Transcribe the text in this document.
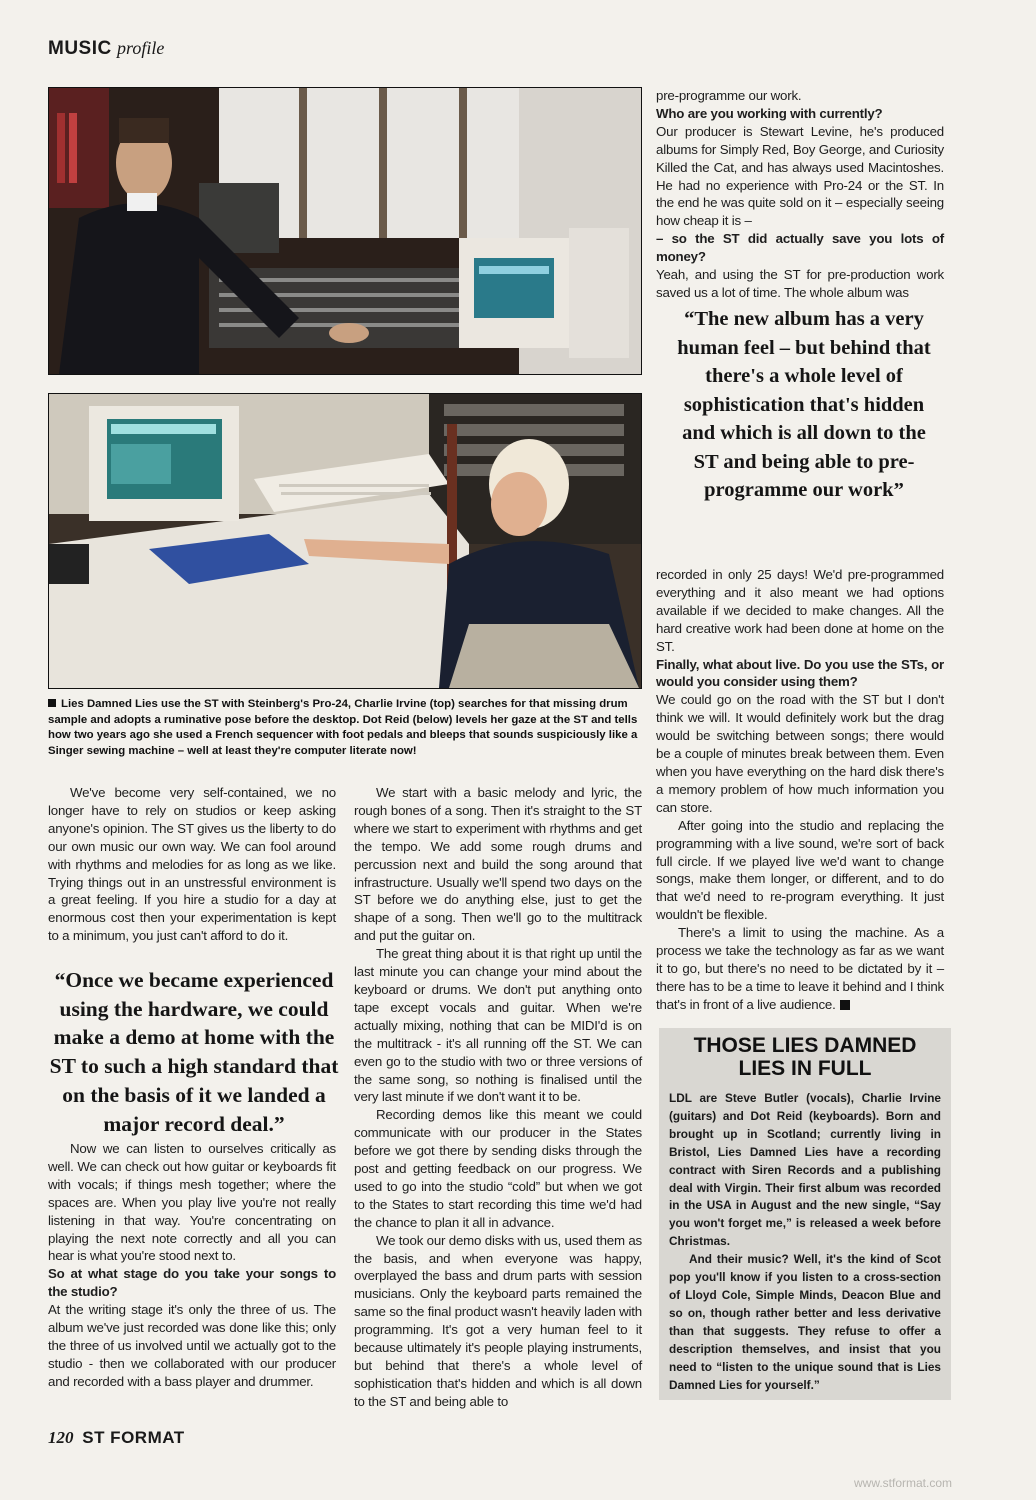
MUSIC profile
Lies Damned Lies use the ST with Steinberg's Pro-24, Charlie Irvine (top) searches for that missing drum sample and adopts a ruminative pose before the desktop. Dot Reid (below) levels her gaze at the ST and tells how two years ago she used a French sequencer with foot pedals and bleeps that sounds suspiciously like a Singer sewing machine – well at least they're computer literate now!

We've become very self-contained, we no longer have to rely on studios or keep asking anyone's opinion. The ST gives us the liberty to do our own music our own way. We can fool around with rhythms and melodies for as long as we like. Trying things out in an unstressful environment is a great feeling. If you hire a studio for a day at enormous cost then your experimentation is kept to a minimum, you just can't afford to do it.

“Once we became experienced using the hardware, we could make a demo at home with the ST to such a high standard that on the basis of it we landed a major record deal.”

Now we can listen to ourselves critically as well. We can check out how guitar or keyboards fit with vocals; if things mesh together; where the spaces are. When you play live you're not really listening in that way. You're concentrating on playing the next note correctly and all you can hear is what you're stood next to.

So at what stage do you take your songs to the studio?

At the writing stage it's only the three of us. The album we've just recorded was done like this; only the three of us involved until we actually got to the studio - then we collaborated with our producer and recorded with a bass player and drummer.

We start with a basic melody and lyric, the rough bones of a song. Then it's straight to the ST where we start to experiment with rhythms and get the tempo. We add some rough drums and percussion next and build the song around that infrastructure. Usually we'll spend two days on the ST before we do anything else, just to get the shape of a song. Then we'll go to the multitrack and put the guitar on.

The great thing about it is that right up until the last minute you can change your mind about the keyboard or drums. We don't put anything onto tape except vocals and guitar. When we're actually mixing, nothing that can be MIDI'd is on the multitrack - it's all running off the ST. We can even go to the studio with two or three versions of the same song, so nothing is finalised until the very last minute if we don't want it to be.

Recording demos like this meant we could communicate with our producer in the States before we got there by sending disks through the post and getting feedback on our progress. We used to go into the studio “cold” but when we got to the States to start recording this time we'd had the chance to plan it all in advance.

We took our demo disks with us, used them as the basis, and when everyone was happy, overplayed the bass and drum parts with session musicians. Only the keyboard parts remained the same so the final product wasn't heavily laden with programming. It's got a very human feel to it because ultimately it's people playing instruments, but behind that there's a whole level of sophistication that's hidden and which is all down to the ST and being able to

pre-programme our work.

Who are you working with currently?

Our producer is Stewart Levine, he's produced albums for Simply Red, Boy George, and Curiosity Killed the Cat, and has always used Macintoshes. He had no experience with Pro-24 or the ST. In the end he was quite sold on it – especially seeing how cheap it is –

– so the ST did actually save you lots of money?

Yeah, and using the ST for pre-production work saved us a lot of time. The whole album was

“The new album has a very human feel – but behind that there's a whole level of sophistication that's hidden and which is all down to the ST and being able to pre-programme our work”

recorded in only 25 days! We'd pre-programmed everything and it also meant we had options available if we decided to make changes. All the hard creative work had been done at home on the ST.

Finally, what about live. Do you use the STs, or would you consider using them?

We could go on the road with the ST but I don't think we will. It would definitely work but the drag would be switching between songs; there would be a couple of minutes break between them. Even when you have everything on the hard disk there's a memory problem of how much information you can store.

After going into the studio and replacing the programming with a live sound, we're sort of back full circle. If we played live we'd want to change songs, make them longer, or different, and to do that we'd need to re-program everything. It just wouldn't be flexible.

There's a limit to using the machine. As a process we take the technology as far as we want it to go, but there's no need to be dictated by it – there has to be a time to leave it behind and I think that's in front of a live audience.

THOSE LIES DAMNED LIES IN FULL

LDL are Steve Butler (vocals), Charlie Irvine (guitars) and Dot Reid (keyboards). Born and brought up in Scotland; currently living in Bristol, Lies Damned Lies have a recording contract with Siren Records and a publishing deal with Virgin. Their first album was recorded in the USA in August and the new single, “Say you won't forget me,” is released a week before Christmas.

And their music? Well, it's the kind of Scot pop you'll know if you listen to a cross-section of Lloyd Cole, Simple Minds, Deacon Blue and so on, though rather better and less derivative than that suggests. They refuse to offer a description themselves, and insist that you need to “listen to the unique sound that is Lies Damned Lies for yourself.”

120 ST FORMAT
www.stformat.com
